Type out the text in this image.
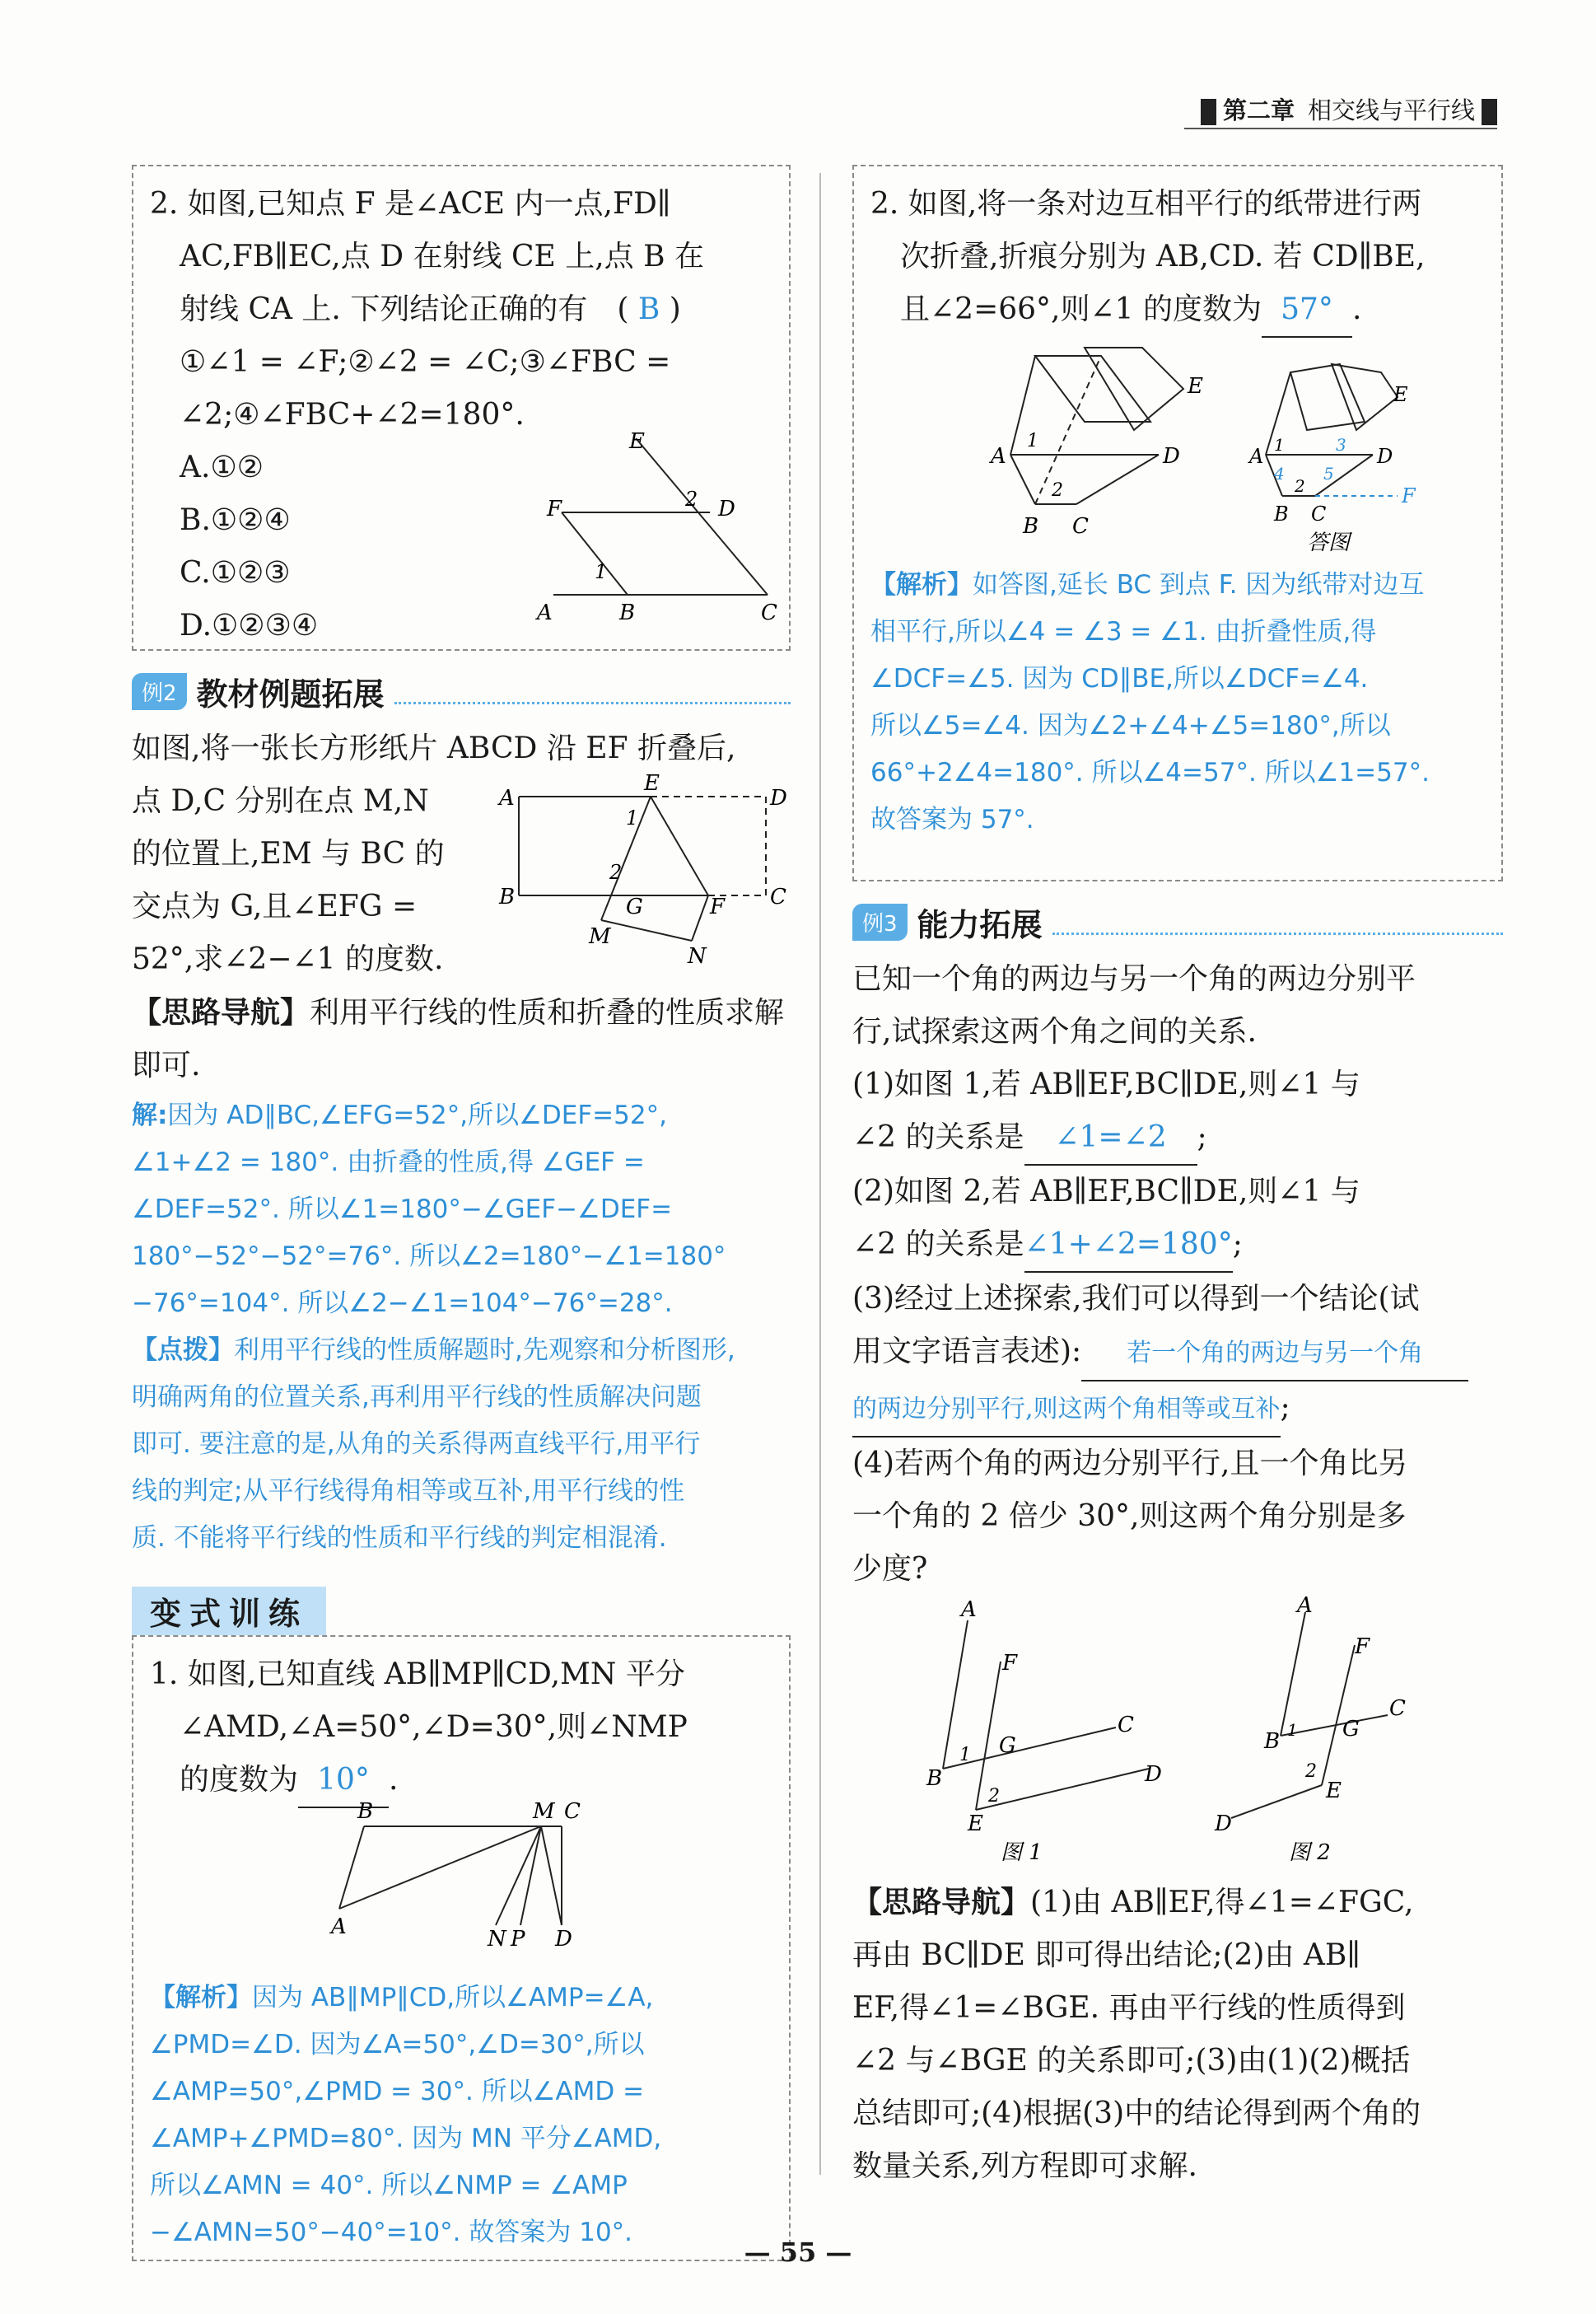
第二章 相交线与平行线
2. 如图,已知点 F 是∠ACE 内一点,FD∥
AC,FB∥EC,点 D 在射线 CE 上,点 B 在
射线 CA 上. 下列结论正确的有　( B )
①∠1 = ∠F;②∠2 = ∠C;③∠FBC =
∠2;④∠FBC+∠2=180°.
A.①②
B.①②④
C.①②③
D.①②③④
E
F	2 D
1
A	B	C
例2 教材例题拓展
如图,将一张长方形纸片 ABCD 沿 EF 折叠后,
点 D,C 分别在点 M,N
的位置上,EM 与 BC 的
交点为 G,且∠EFG =
52°,求∠2−∠1 的度数.
A
E
D
1
2
B	G	F C
M
N
【思路导航】利用平行线的性质和折叠的性质求解即可.
解:因为 AD∥BC,∠EFG=52°,所以∠DEF=52°,
∠1+∠2 = 180°. 由折叠的性质,得 ∠GEF =
∠DEF=52°. 所以∠1=180°−∠GEF−∠DEF=
180°−52°−52°=76°. 所以∠2=180°−∠1=180°
−76°=104°. 所以∠2−∠1=104°−76°=28°.
【点拨】利用平行线的性质解题时,先观察和分析图形,
明确两角的位置关系,再利用平行线的性质解决问题
即可. 要注意的是,从角的关系得两直线平行,用平行
线的判定;从平行线得角相等或互补,用平行线的性
质. 不能将平行线的性质和平行线的判定相混淆.
变式训练
1. 如图,已知直线 AB∥MP∥CD,MN 平分
∠AMD,∠A=50°,∠D=30°,则∠NMP
的度数为 10° .
B	M C
A	N P D
【解析】因为 AB∥MP∥CD,所以∠AMP=∠A,
∠PMD=∠D. 因为∠A=50°,∠D=30°,所以
∠AMP=50°,∠PMD = 30°. 所以∠AMD =
∠AMP+∠PMD=80°. 因为 MN 平分∠AMD,
所以∠AMN = 40°. 所以∠NMP = ∠AMP
−∠AMN=50°−40°=10°. 故答案为 10°.
2. 如图,将一条对边互相平行的纸带进行两
次折叠,折痕分别为 AB,CD. 若 CD∥BE,
且∠2=66°,则∠1 的度数为 57° .
E
A
1
D
2
B C
E
A 1	3 D
4
2
5
B C
F
答图
【解析】如答图,延长 BC 到点 F. 因为纸带对边互
相平行,所以∠4 = ∠3 = ∠1. 由折叠性质,得
∠DCF=∠5. 因为 CD∥BE,所以∠DCF=∠4.
所以∠5=∠4. 因为∠2+∠4+∠5=180°,所以
66°+2∠4=180°. 所以∠4=57°. 所以∠1=57°.
故答案为 57°.
例3 能力拓展
已知一个角的两边与另一个角的两边分别平
行,试探索这两个角之间的关系.
(1)如图 1,若 AB∥EF,BC∥DE,则∠1 与
∠2 的关系是 ∠1=∠2 ;
(2)如图 2,若 AB∥EF,BC∥DE,则∠1 与
∠2 的关系是∠1+∠2=180°;
(3)经过上述探索,我们可以得到一个结论(试
用文字语言表述): 若一个角的两边与另一个角
的两边分别平行,则这两个角相等或互补;
(4)若两个角的两边分别平行,且一个角比另
一个角的 2 倍少 30°,则这两个角分别是多
少度?
A
F
1 G
C
B
2
D
E
图 1
A
F
C
B 1 G
2
E
D
图 2
【思路导航】(1)由 AB∥EF,得∠1=∠FGC,
再由 BC∥DE 即可得出结论;(2)由 AB∥
EF,得∠1=∠BGE. 再由平行线的性质得到
∠2 与∠BGE 的关系即可;(3)由(1)(2)概括
总结即可;(4)根据(3)中的结论得到两个角的
数量关系,列方程即可求解.
— 55 —
